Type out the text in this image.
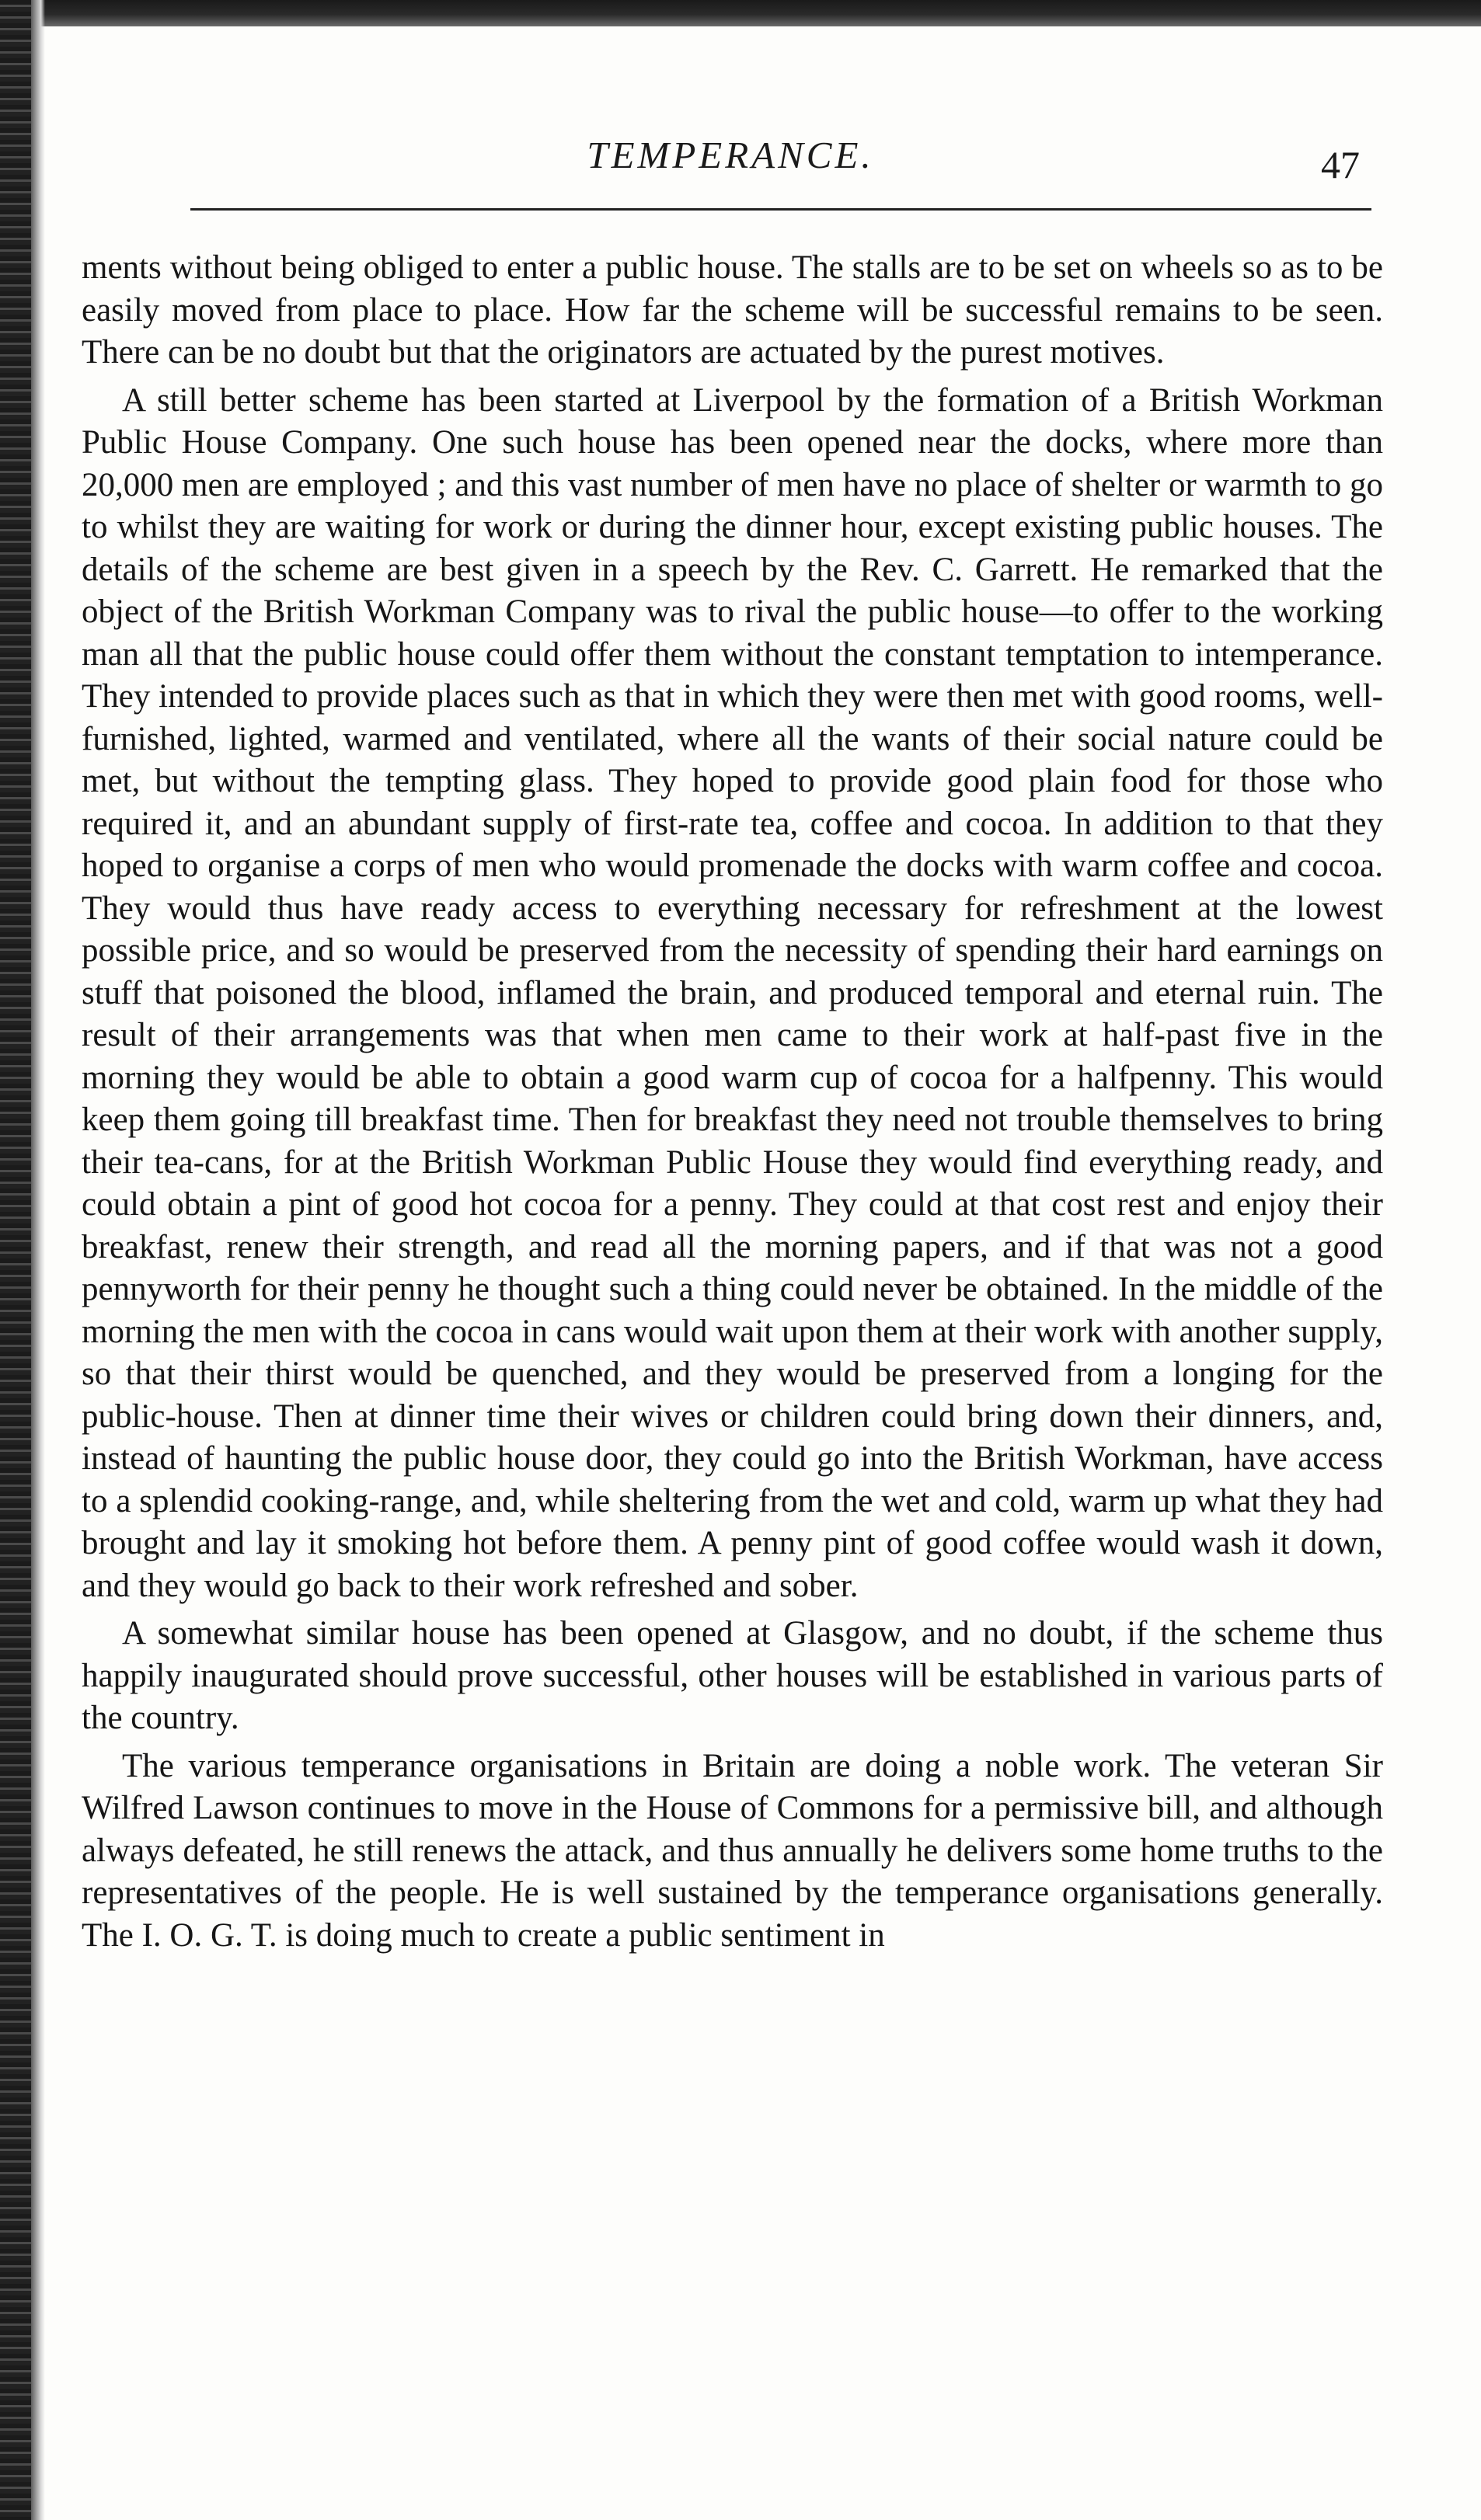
TEMPERANCE.	47

ments without being obliged to enter a public house. The stalls are to be set on wheels so as to be easily moved from place to place. How far the scheme will be successful remains to be seen. There can be no doubt but that the originators are actuated by the purest motives.

A still better scheme has been started at Liverpool by the formation of a British Workman Public House Company. One such house has been opened near the docks, where more than 20,000 men are employed ; and this vast number of men have no place of shelter or warmth to go to whilst they are waiting for work or during the dinner hour, except existing public houses. The details of the scheme are best given in a speech by the Rev. C. Garrett. He remarked that the object of the British Workman Company was to rival the public house—to offer to the working man all that the public house could offer them without the constant temptation to intemperance. They intended to provide places such as that in which they were then met with good rooms, well-furnished, lighted, warmed and ventilated, where all the wants of their social nature could be met, but without the tempting glass. They hoped to provide good plain food for those who required it, and an abundant supply of first-rate tea, coffee and cocoa. In addition to that they hoped to organise a corps of men who would promenade the docks with warm coffee and cocoa. They would thus have ready access to everything necessary for refreshment at the lowest possible price, and so would be preserved from the necessity of spending their hard earnings on stuff that poisoned the blood, inflamed the brain, and produced temporal and eternal ruin. The result of their arrangements was that when men came to their work at half-past five in the morning they would be able to obtain a good warm cup of cocoa for a halfpenny. This would keep them going till breakfast time. Then for breakfast they need not trouble themselves to bring their tea-cans, for at the British Workman Public House they would find everything ready, and could obtain a pint of good hot cocoa for a penny. They could at that cost rest and enjoy their breakfast, renew their strength, and read all the morning papers, and if that was not a good pennyworth for their penny he thought such a thing could never be obtained. In the middle of the morning the men with the cocoa in cans would wait upon them at their work with another supply, so that their thirst would be quenched, and they would be preserved from a longing for the public-house. Then at dinner time their wives or children could bring down their dinners, and, instead of haunting the public house door, they could go into the British Workman, have access to a splendid cooking-range, and, while sheltering from the wet and cold, warm up what they had brought and lay it smoking hot before them. A penny pint of good coffee would wash it down, and they would go back to their work refreshed and sober.

A somewhat similar house has been opened at Glasgow, and no doubt, if the scheme thus happily inaugurated should prove successful, other houses will be established in various parts of the country.

The various temperance organisations in Britain are doing a noble work. The veteran Sir Wilfred Lawson continues to move in the House of Commons for a permissive bill, and although always defeated, he still renews the attack, and thus annually he delivers some home truths to the representatives of the people. He is well sustained by the temperance organisations generally. The I. O. G. T. is doing much to create a public sentiment in
